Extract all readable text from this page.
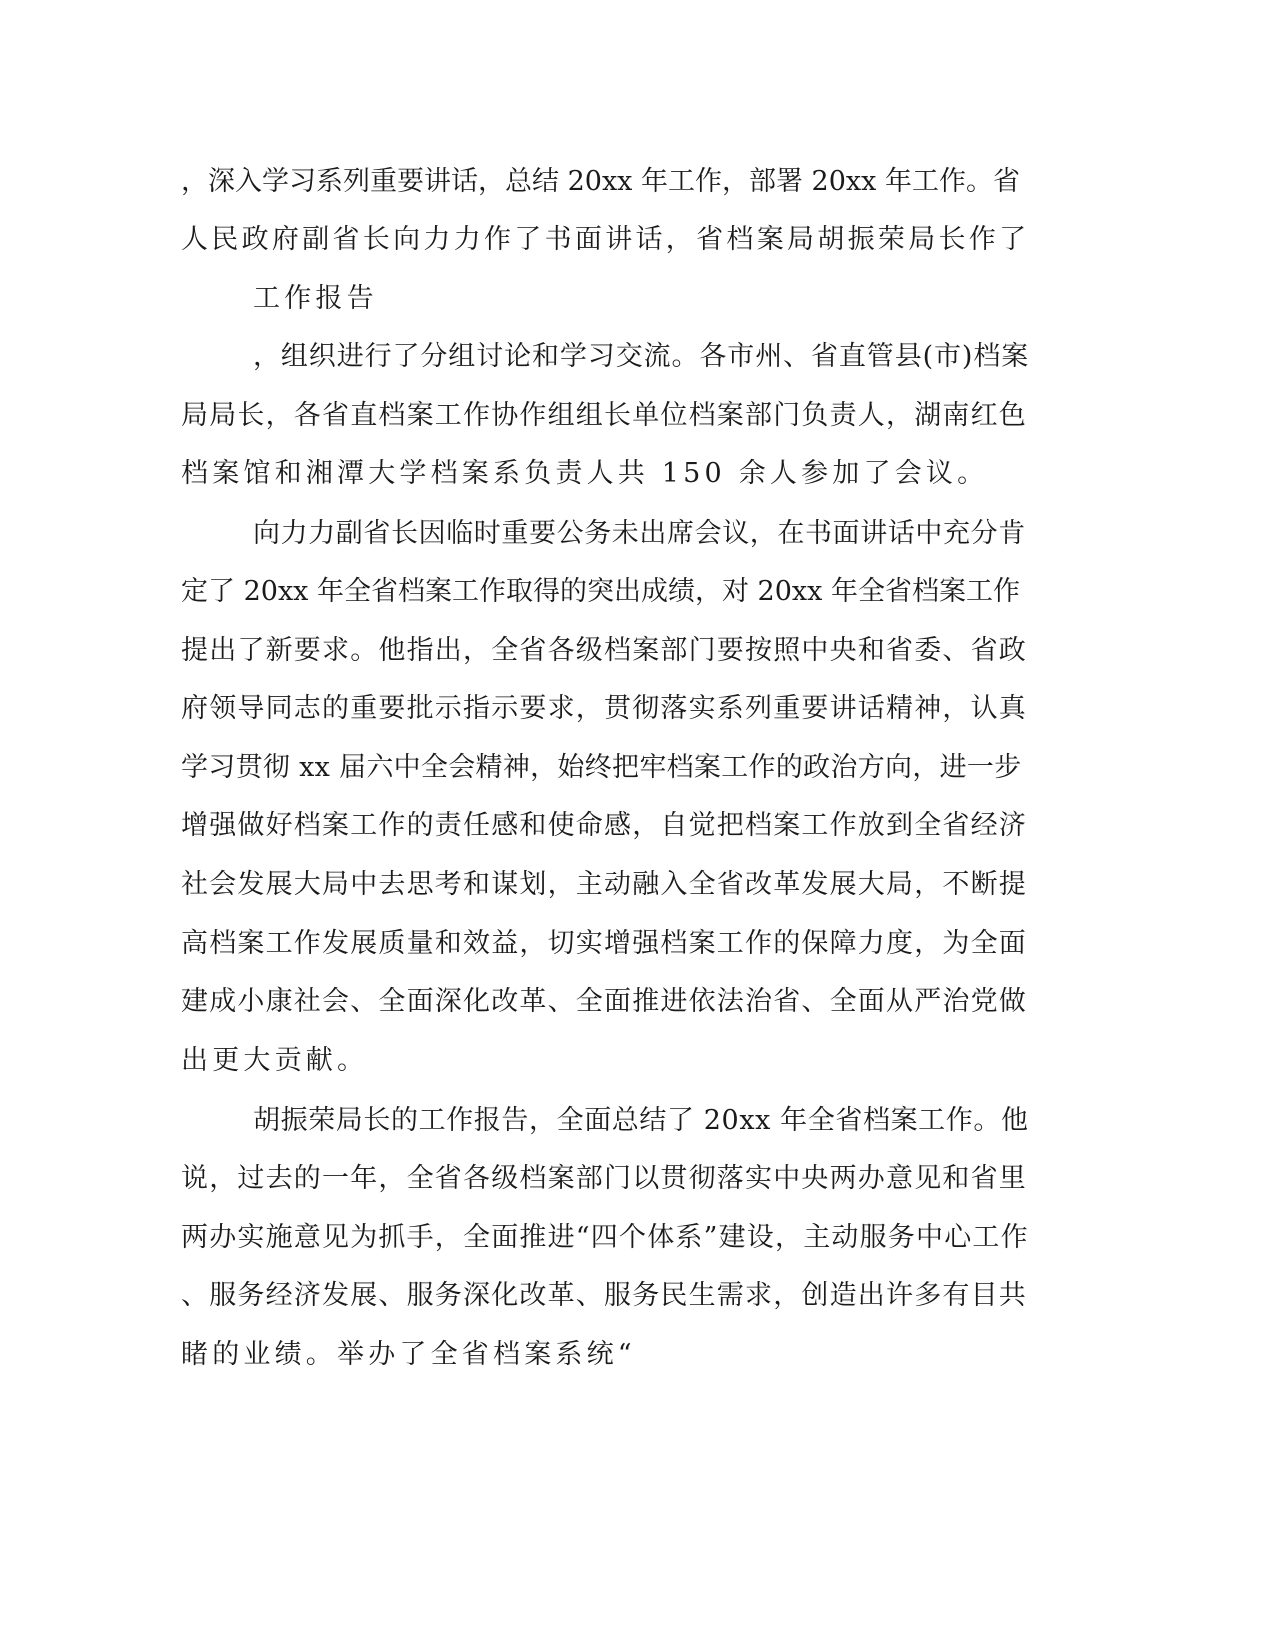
，深入学习系列重要讲话，总结 20xx 年工作，部署 20xx 年工作。省
人民政府副省长向力力作了书面讲话，省档案局胡振荣局长作了
工作报告
，组织进行了分组讨论和学习交流。各市州、省直管县(市)档案
局局长，各省直档案工作协作组组长单位档案部门负责人，湖南红色
档案馆和湘潭大学档案系负责人共 150 余人参加了会议。
向力力副省长因临时重要公务未出席会议，在书面讲话中充分肯
定了 20xx 年全省档案工作取得的突出成绩，对 20xx 年全省档案工作
提出了新要求。他指出，全省各级档案部门要按照中央和省委、省政
府领导同志的重要批示指示要求，贯彻落实系列重要讲话精神，认真
学习贯彻 xx 届六中全会精神，始终把牢档案工作的政治方向，进一步
增强做好档案工作的责任感和使命感，自觉把档案工作放到全省经济
社会发展大局中去思考和谋划，主动融入全省改革发展大局，不断提
高档案工作发展质量和效益，切实增强档案工作的保障力度，为全面
建成小康社会、全面深化改革、全面推进依法治省、全面从严治党做
出更大贡献。
胡振荣局长的工作报告，全面总结了 20xx 年全省档案工作。他
说，过去的一年，全省各级档案部门以贯彻落实中央两办意见和省里
两办实施意见为抓手，全面推进“四个体系”建设，主动服务中心工作
、服务经济发展、服务深化改革、服务民生需求，创造出许多有目共
睹的业绩。举办了全省档案系统“
